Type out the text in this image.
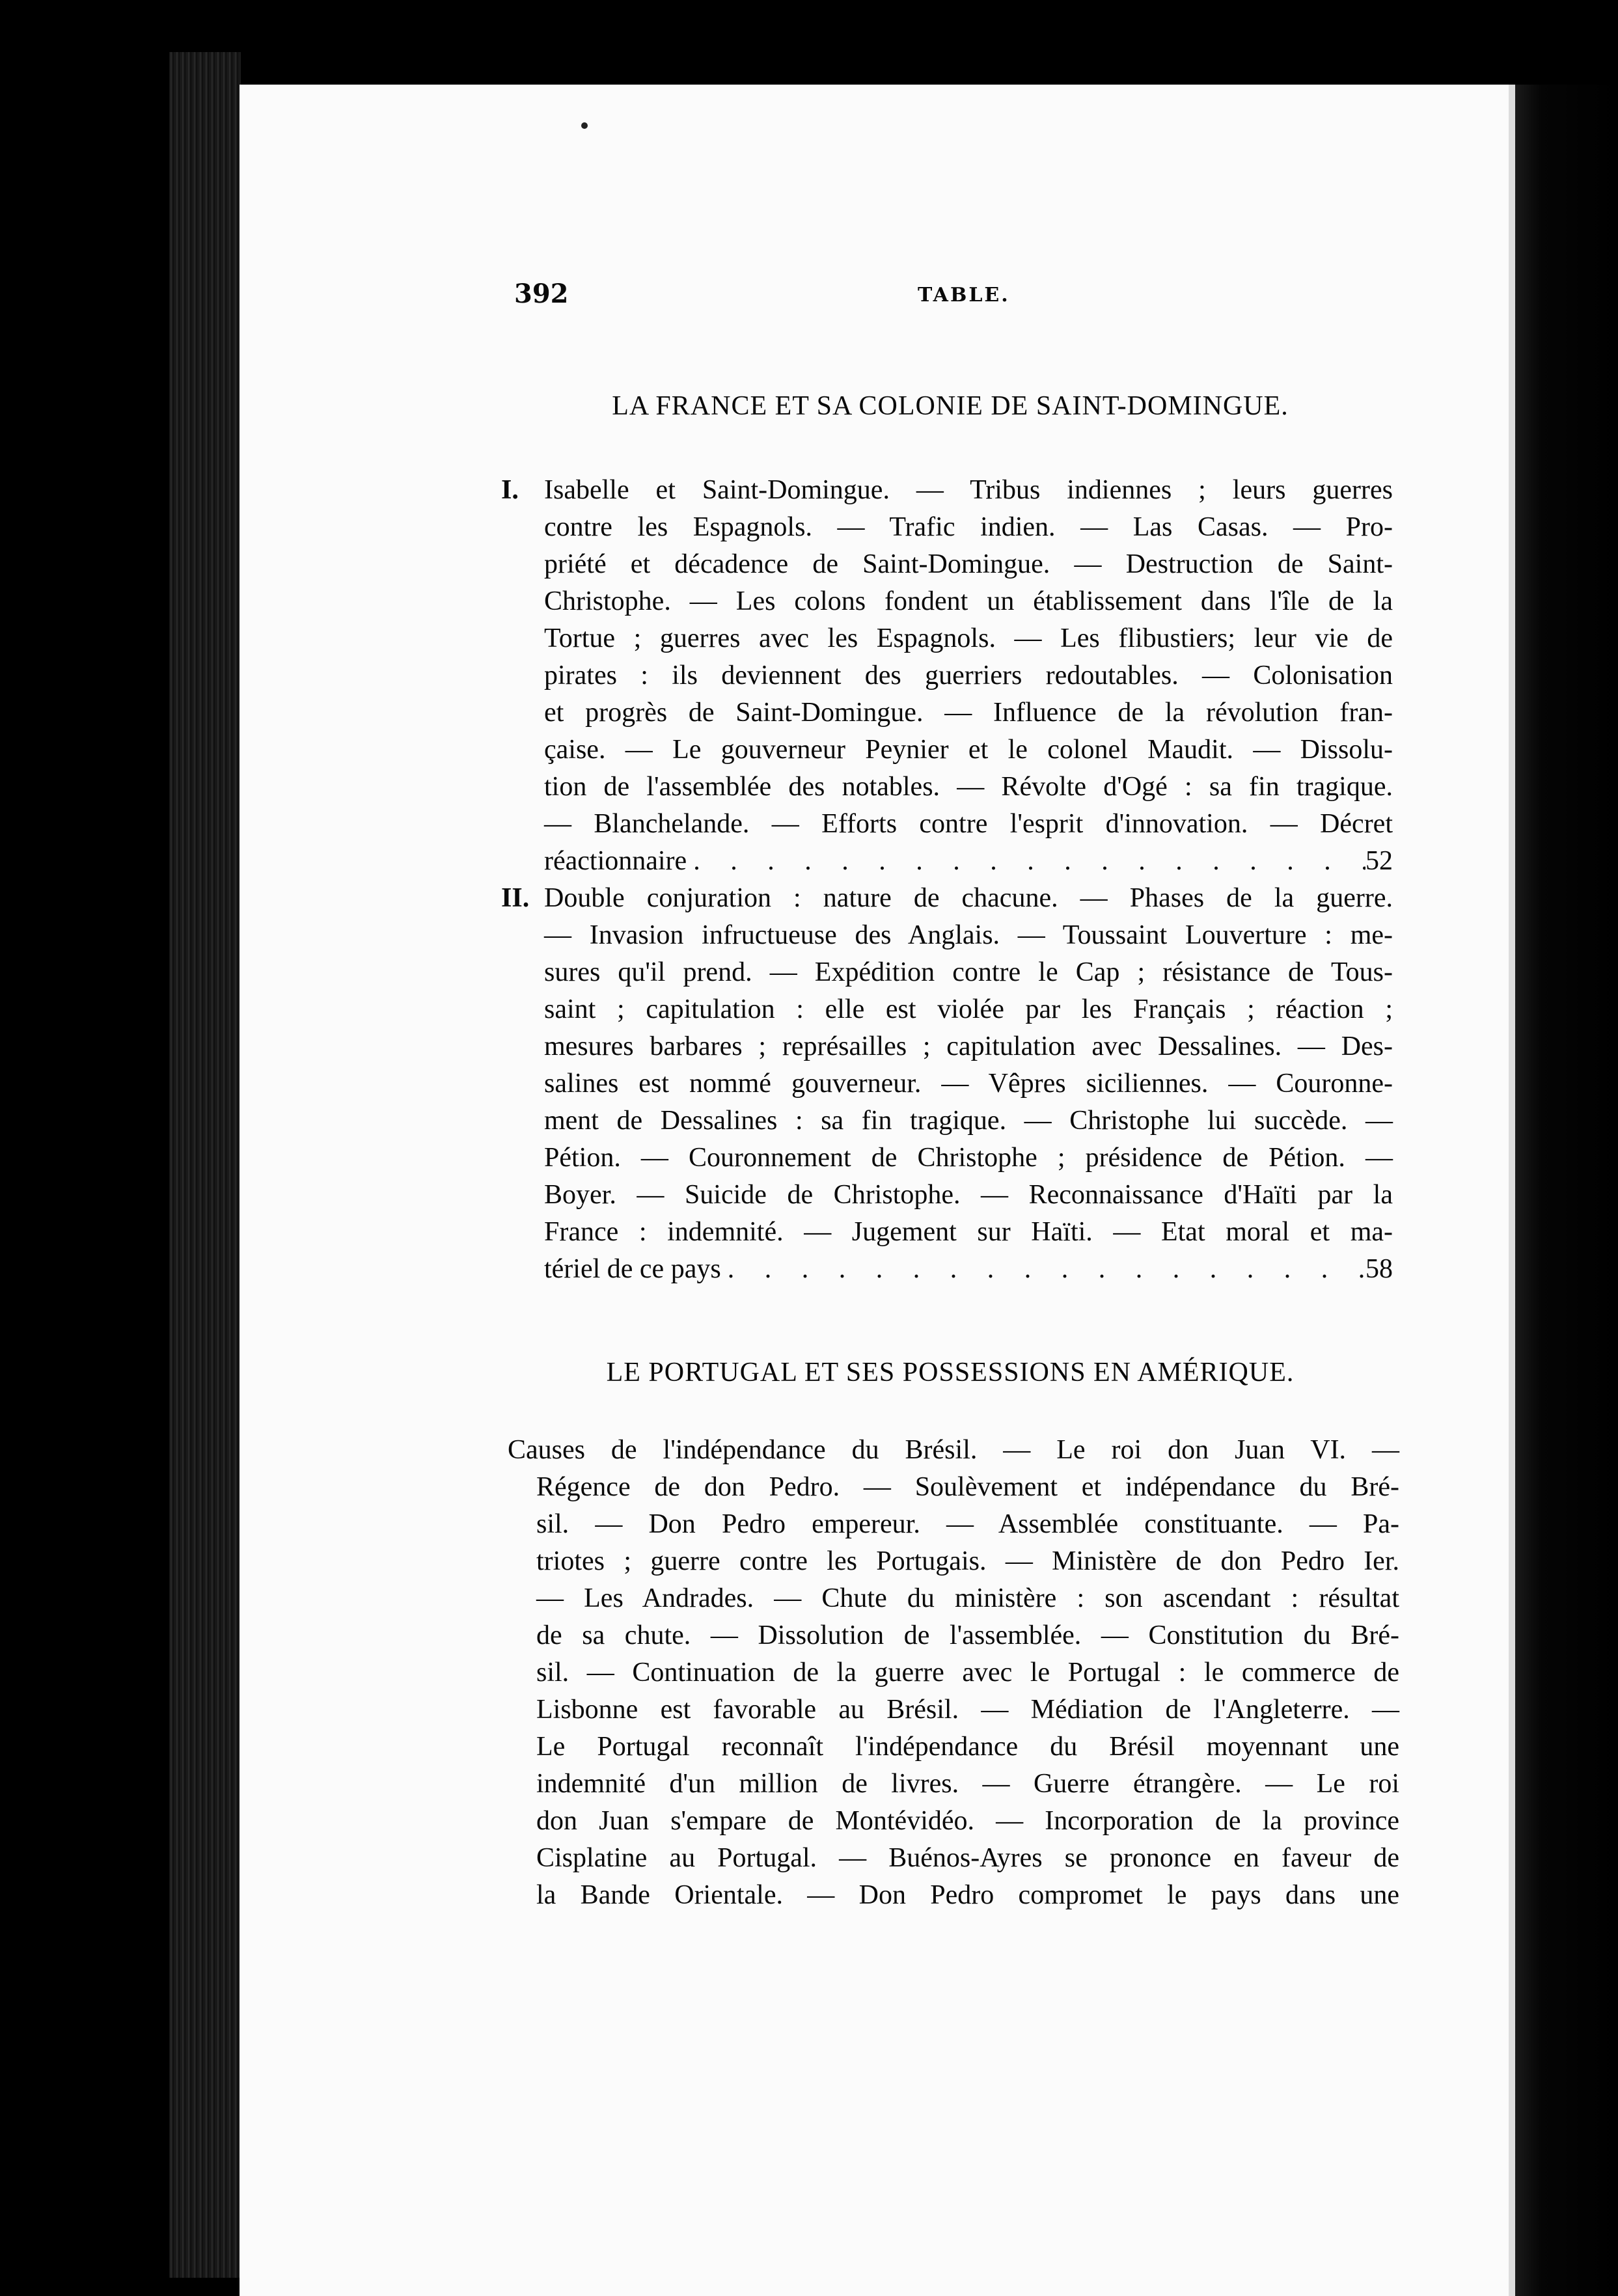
392	TABLE.
LA FRANCE ET SA COLONIE DE SAINT-DOMINGUE.
I. Isabelle et Saint-Domingue. — Tribus indiennes ; leurs guerres
contre les Espagnols. — Trafic indien. — Las Casas. — Pro-
priété et décadence de Saint-Domingue. — Destruction de Saint-
Christophe. — Les colons fondent un établissement dans l'île de la
Tortue ; guerres avec les Espagnols. — Les flibustiers; leur vie de
pirates : ils deviennent des guerriers redoutables. — Colonisation
et progrès de Saint-Domingue. — Influence de la révolution fran-
çaise. — Le gouverneur Peynier et le colonel Maudit. — Dissolu-
tion de l'assemblée des notables. — Révolte d'Ogé : sa fin tragique.
— Blanchelande. — Efforts contre l'esprit d'innovation. — Décret
réactionnaire . . .	52
II. Double conjuration : nature de chacune. — Phases de la guerre.
— Invasion infructueuse des Anglais. — Toussaint Louverture : me-
sures qu'il prend. — Expédition contre le Cap ; résistance de Tous-
saint ; capitulation : elle est violée par les Français ; réaction ;
mesures barbares ; représailles ; capitulation avec Dessalines. — Des-
salines est nommé gouverneur. — Vêpres siciliennes. — Couronne-
ment de Dessalines : sa fin tragique. — Christophe lui succède. —
Pétion. — Couronnement de Christophe ; présidence de Pétion. —
Boyer. — Suicide de Christophe. — Reconnaissance d'Haïti par la
France : indemnité. — Jugement sur Haïti. — Etat moral et ma-
tériel de ce pays . . .	58
LE PORTUGAL ET SES POSSESSIONS EN AMÉRIQUE.
Causes de l'indépendance du Brésil. — Le roi don Juan VI. —
Régence de don Pedro. — Soulèvement et indépendance du Bré-
sil. — Don Pedro empereur. — Assemblée constituante. — Pa-
triotes ; guerre contre les Portugais. — Ministère de don Pedro Ier.
— Les Andrades. — Chute du ministère : son ascendant : résultat
de sa chute. — Dissolution de l'assemblée. — Constitution du Bré-
sil. — Continuation de la guerre avec le Portugal : le commerce de
Lisbonne est favorable au Brésil. — Médiation de l'Angleterre. —
Le Portugal reconnaît l'indépendance du Brésil moyennant une
indemnité d'un million de livres. — Guerre étrangère. — Le roi
don Juan s'empare de Montévidéo. — Incorporation de la province
Cisplatine au Portugal. — Buénos-Ayres se prononce en faveur de
la Bande Orientale. — Don Pedro compromet le pays dans une
